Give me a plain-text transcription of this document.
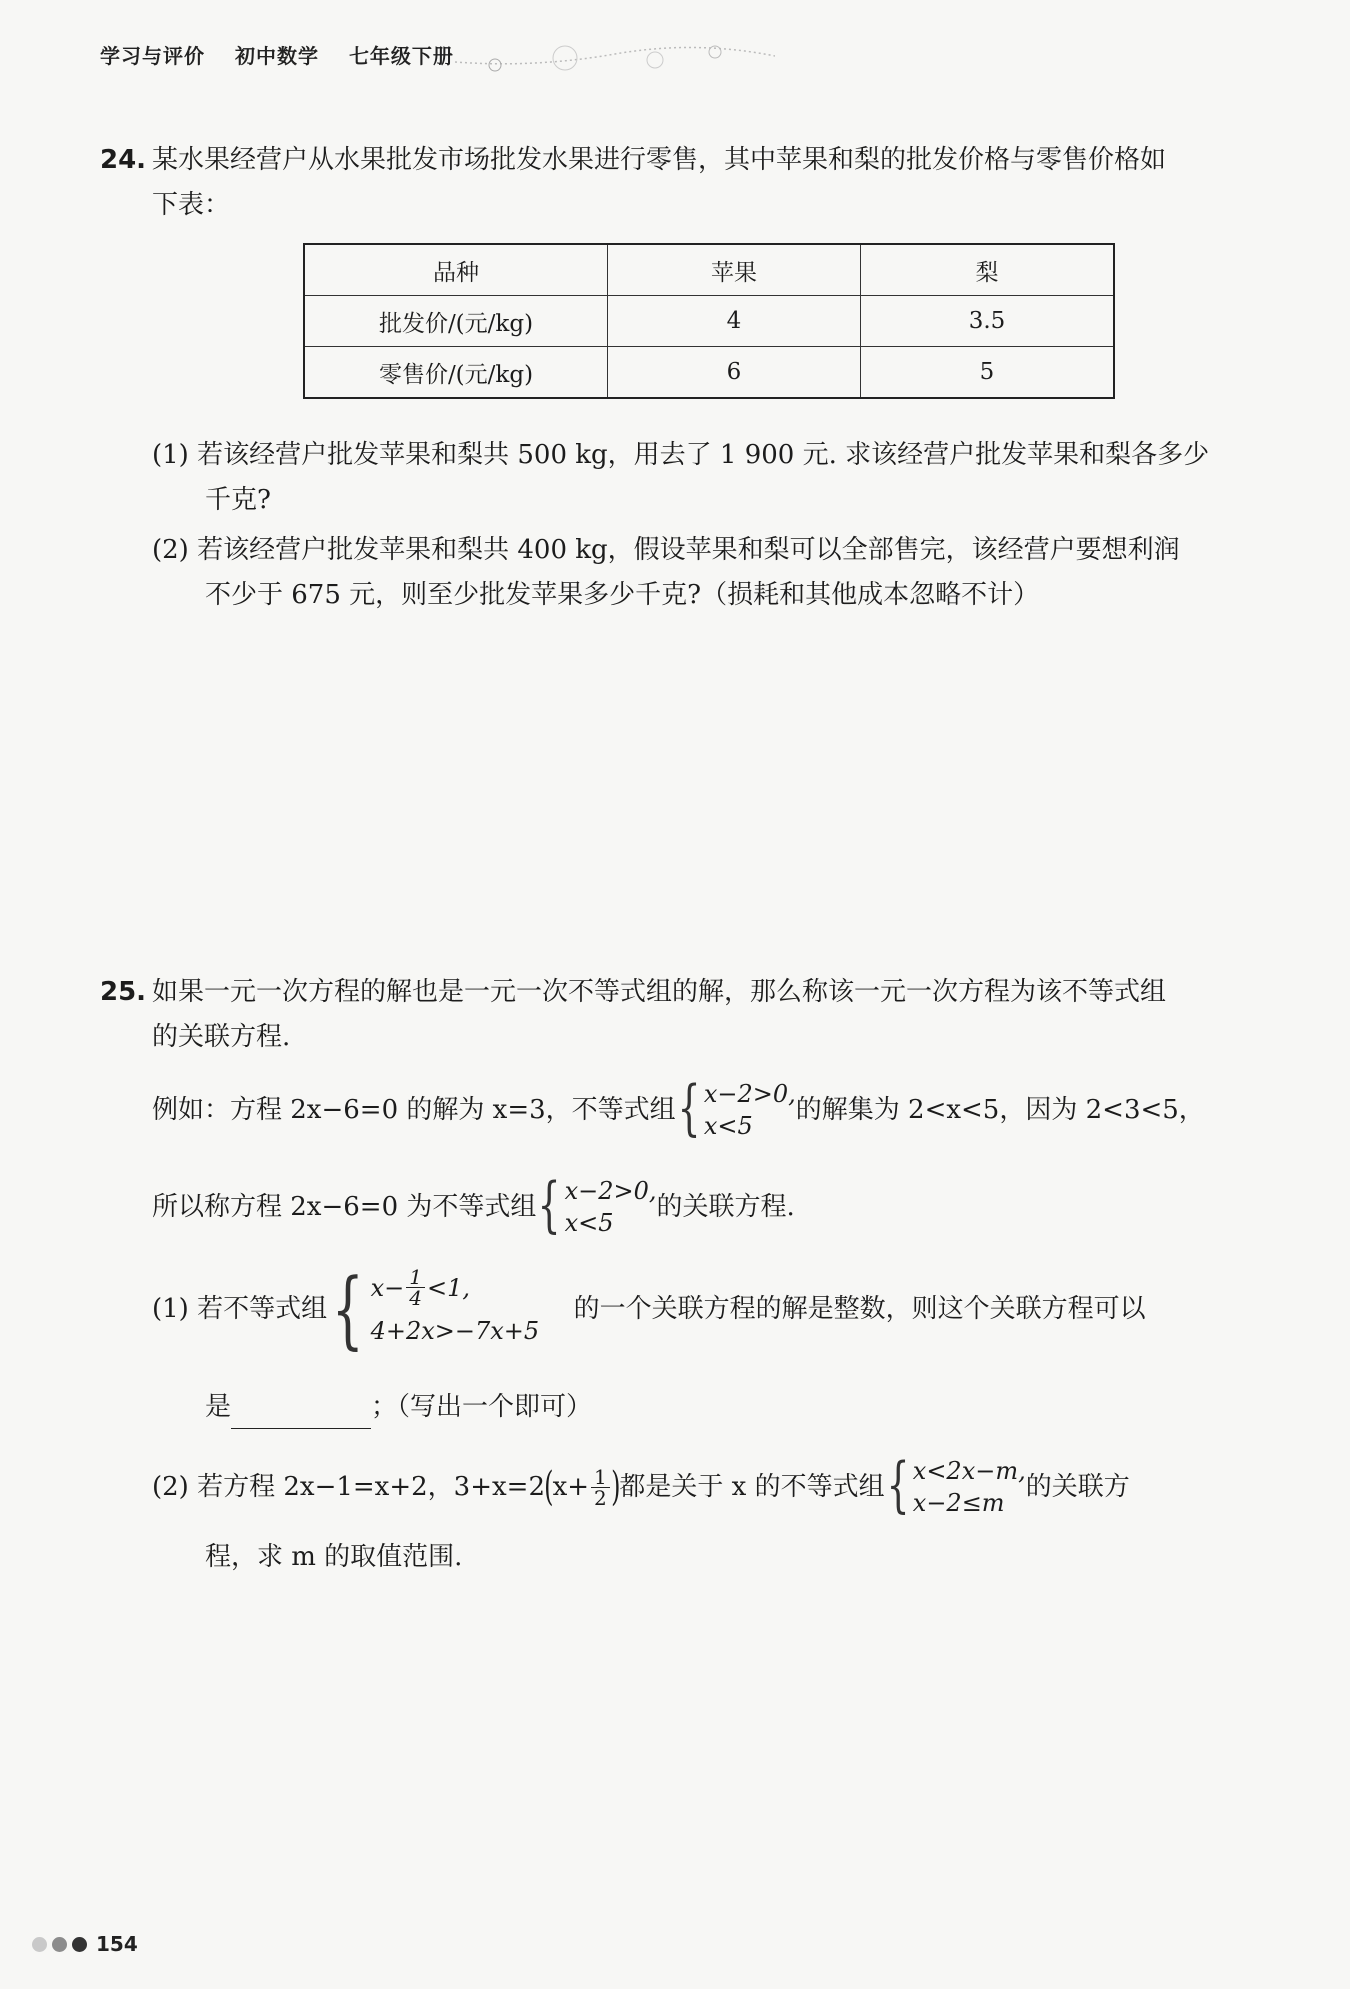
学习与评价 初中数学 七年级下册
24. 某水果经营户从水果批发市场批发水果进行零售，其中苹果和梨的批发价格与零售价格如
下表：
品种	苹果	梨
批发价/(元/kg)	4	3.5
零售价/(元/kg)	6	5
(1) 若该经营户批发苹果和梨共 500 kg，用去了 1 900 元. 求该经营户批发苹果和梨各多少
千克?
(2) 若该经营户批发苹果和梨共 400 kg，假设苹果和梨可以全部售完，该经营户要想利润
不少于 675 元，则至少批发苹果多少千克?（损耗和其他成本忽略不计）
25. 如果一元一次方程的解也是一元一次不等式组的解，那么称该一元一次方程为该不等式组
的关联方程.
例如：方程 2x−6=0 的解为 x=3，不等式组 { x−2>0,
x<5
的解集为 2<x<5，因为 2<3<5，
所以称方程 2x−6=0 为不等式组 { x−2>0,
x<5
的关联方程.
(1) 若不等式组 { $x- \frac{1}{4} <1$,
4+2x>−7x+5
的一个关联方程的解是整数，则这个关联方程可以
是	；（写出一个即可）
(2) 若方程 2x−1=x+2，3+x=2 ( $x+ \frac{1}{2}$ ) 都是关于 x 的不等式组 { x<2x−m,
x−2≤m
的关联方
程，求 m 的取值范围.
154
